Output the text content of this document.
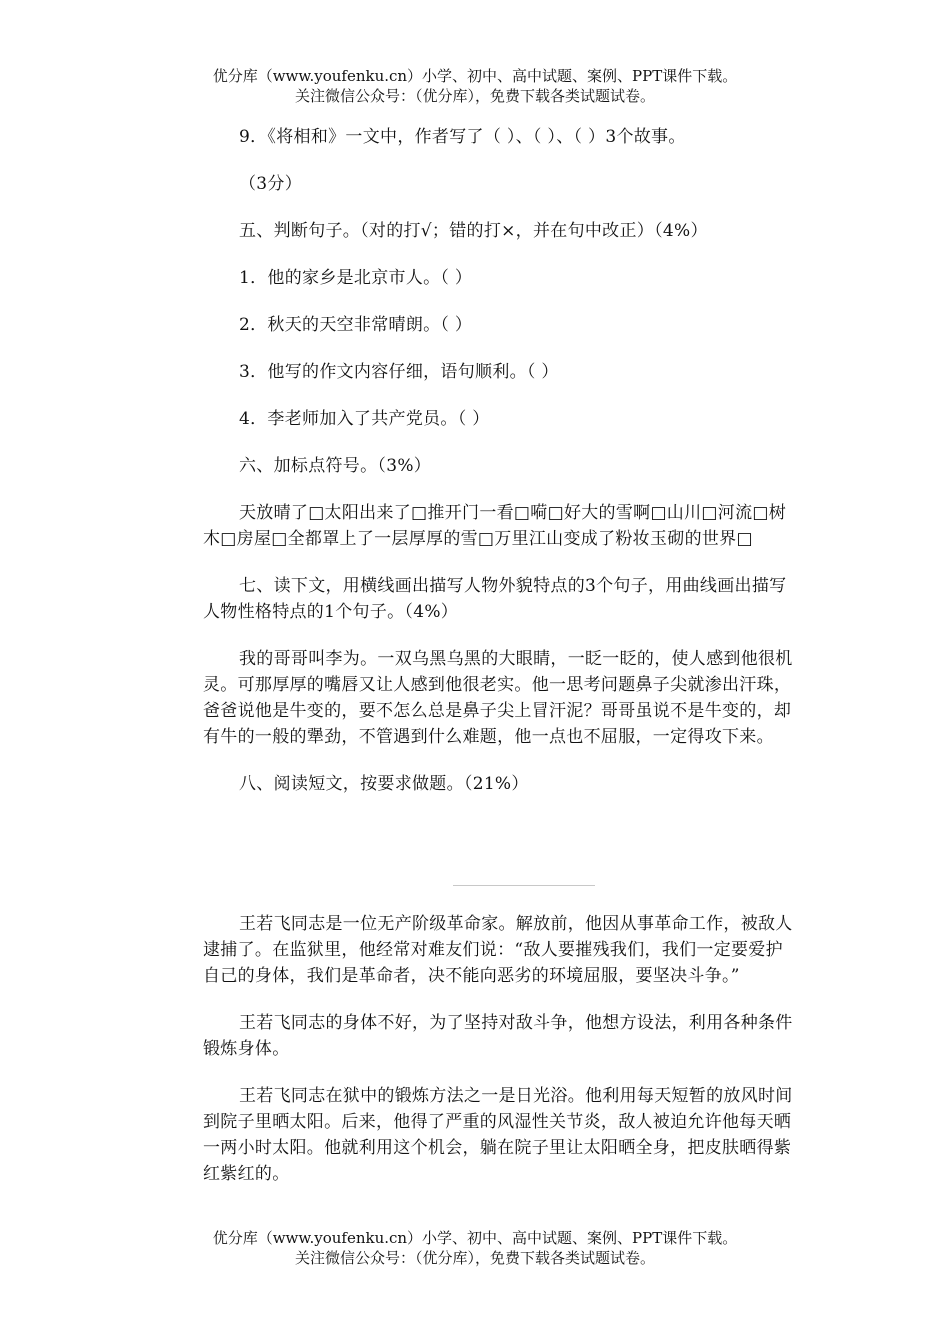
优分库（www.youfenku.cn）小学、初中、高中试题、案例、PPT课件下载。
关注微信公众号：（优分库），免费下载各类试题试卷。

9．《将相和》一文中，作者写了（ ）、（ ）、（ ）3个故事。

（3分）

五、判断句子。（对的打√；错的打×，并在句中改正）（4%）

1．他的家乡是北京市人。（ ）

2．秋天的天空非常晴朗。（ ）

3．他写的作文内容仔细，语句顺利。（ ）

4．李老师加入了共产党员。（ ）

六、加标点符号。（3%）

天放晴了□太阳出来了□推开门一看□嗬□好大的雪啊□山川□河流□树木□房屋□全都罩上了一层厚厚的雪□万里江山变成了粉妆玉砌的世界□

七、读下文，用横线画出描写人物外貌特点的3个句子，用曲线画出描写人物性格特点的1个句子。（4%）

我的哥哥叫李为。一双乌黑乌黑的大眼睛，一眨一眨的，使人感到他很机灵。可那厚厚的嘴唇又让人感到他很老实。他一思考问题鼻子尖就渗出汗珠，爸爸说他是牛变的，要不怎么总是鼻子尖上冒汗泥？哥哥虽说不是牛变的，却有牛的一般的犟劲，不管遇到什么难题，他一点也不屈服，一定得攻下来。

八、阅读短文，按要求做题。（21%）

王若飞同志是一位无产阶级革命家。解放前，他因从事革命工作，被敌人逮捕了。在监狱里，他经常对难友们说：“敌人要摧残我们，我们一定要爱护自己的身体，我们是革命者，决不能向恶劣的环境屈服，要坚决斗争。”

王若飞同志的身体不好，为了坚持对敌斗争，他想方设法，利用各种条件锻炼身体。

王若飞同志在狱中的锻炼方法之一是日光浴。他利用每天短暂的放风时间到院子里晒太阳。后来，他得了严重的风湿性关节炎，敌人被迫允许他每天晒一两小时太阳。他就利用这个机会，躺在院子里让太阳晒全身，把皮肤晒得紫红紫红的。

优分库（www.youfenku.cn）小学、初中、高中试题、案例、PPT课件下载。
关注微信公众号：（优分库），免费下载各类试题试卷。
